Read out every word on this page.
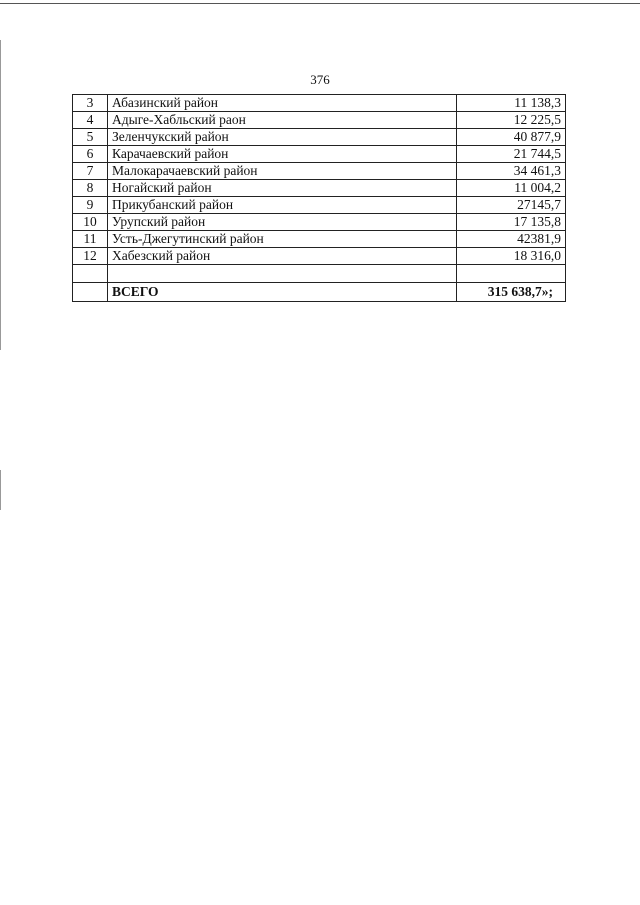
376
3	Абазинский район	11 138,3
4	Адыге-Хабльский раон	12 225,5
5	Зеленчукский район	40 877,9
6	Карачаевский район	21 744,5
7	Малокарачаевский район	34 461,3
8	Ногайский район	11 004,2
9	Прикубанский район	27145,7
10	Урупский район	17 135,8
11	Усть-Джегутинский район	42381,9
12	Хабезский район	18 316,0

	ВСЕГО	315 638,7»;
